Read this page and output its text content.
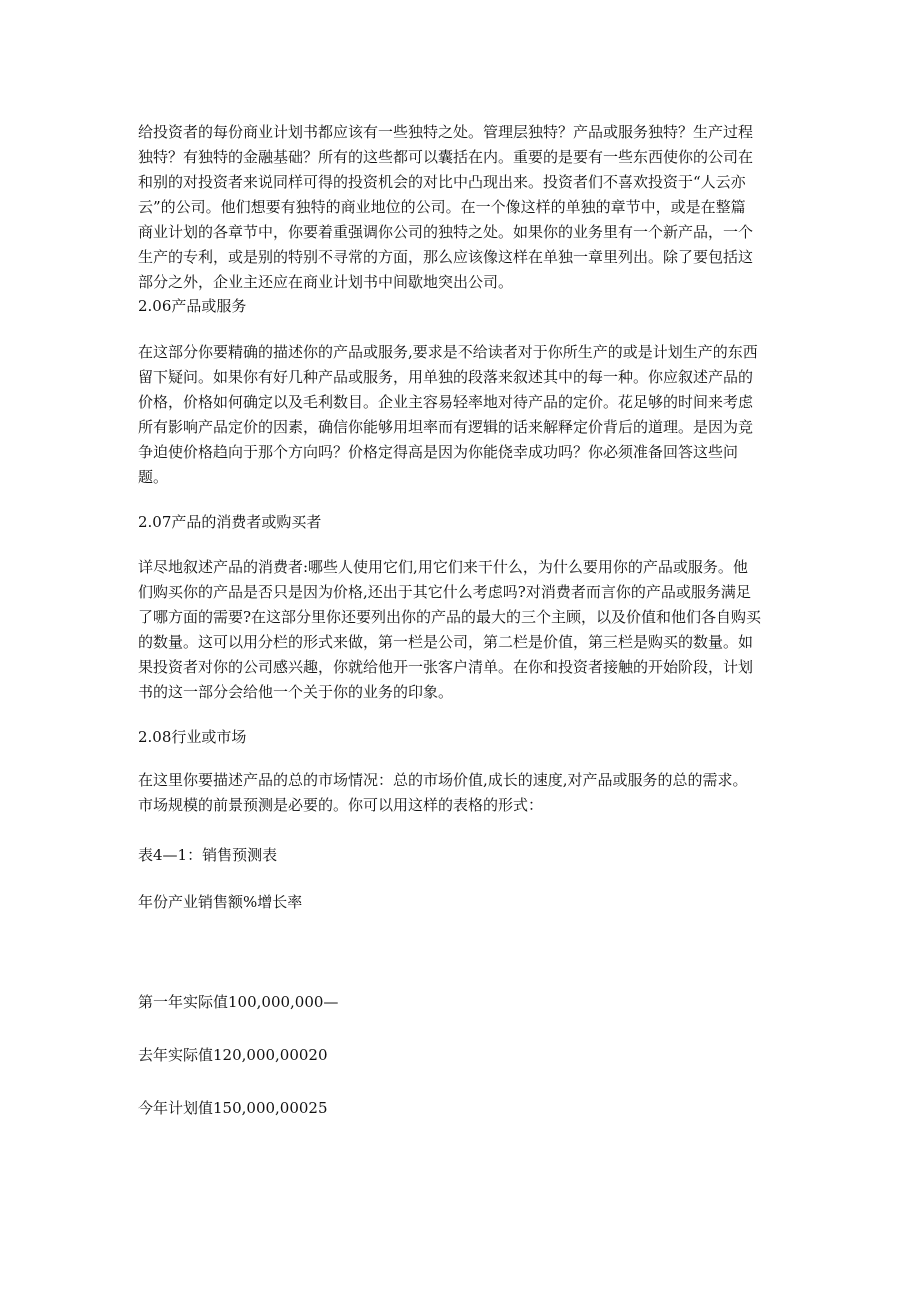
给投资者的每份商业计划书都应该有一些独特之处。管理层独特？产品或服务独特？生产过程
独特？有独特的金融基础？所有的这些都可以囊括在内。重要的是要有一些东西使你的公司在
和别的对投资者来说同样可得的投资机会的对比中凸现出来。投资者们不喜欢投资于“人云亦
云”的公司。他们想要有独特的商业地位的公司。在一个像这样的单独的章节中，或是在整篇
商业计划的各章节中，你要着重强调你公司的独特之处。如果你的业务里有一个新产品，一个
生产的专利，或是别的特别不寻常的方面，那么应该像这样在单独一章里列出。除了要包括这
部分之外，企业主还应在商业计划书中间歇地突出公司。
2.06产品或服务
在这部分你要精确的描述你的产品或服务,要求是不给读者对于你所生产的或是计划生产的东西
留下疑问。如果你有好几种产品或服务，用单独的段落来叙述其中的每一种。你应叙述产品的
价格，价格如何确定以及毛利数目。企业主容易轻率地对待产品的定价。花足够的时间来考虑
所有影响产品定价的因素，确信你能够用坦率而有逻辑的话来解释定价背后的道理。是因为竞
争迫使价格趋向于那个方向吗？价格定得高是因为你能侥幸成功吗？你必须准备回答这些问
题。
2.07产品的消费者或购买者
详尽地叙述产品的消费者:哪些人使用它们,用它们来干什么，为什么要用你的产品或服务。他
们购买你的产品是否只是因为价格,还出于其它什么考虑吗?对消费者而言你的产品或服务满足
了哪方面的需要?在这部分里你还要列出你的产品的最大的三个主顾，以及价值和他们各自购买
的数量。这可以用分栏的形式来做，第一栏是公司，第二栏是价值，第三栏是购买的数量。如
果投资者对你的公司感兴趣，你就给他开一张客户清单。在你和投资者接触的开始阶段，计划
书的这一部分会给他一个关于你的业务的印象。
2.08行业或市场
在这里你要描述产品的总的市场情况：总的市场价值,成长的速度,对产品或服务的总的需求。
市场规模的前景预测是必要的。你可以用这样的表格的形式：
表4—1：销售预测表
年份产业销售额%增长率
第一年实际值100,000,000—
去年实际值120,000,00020
今年计划值150,000,00025
